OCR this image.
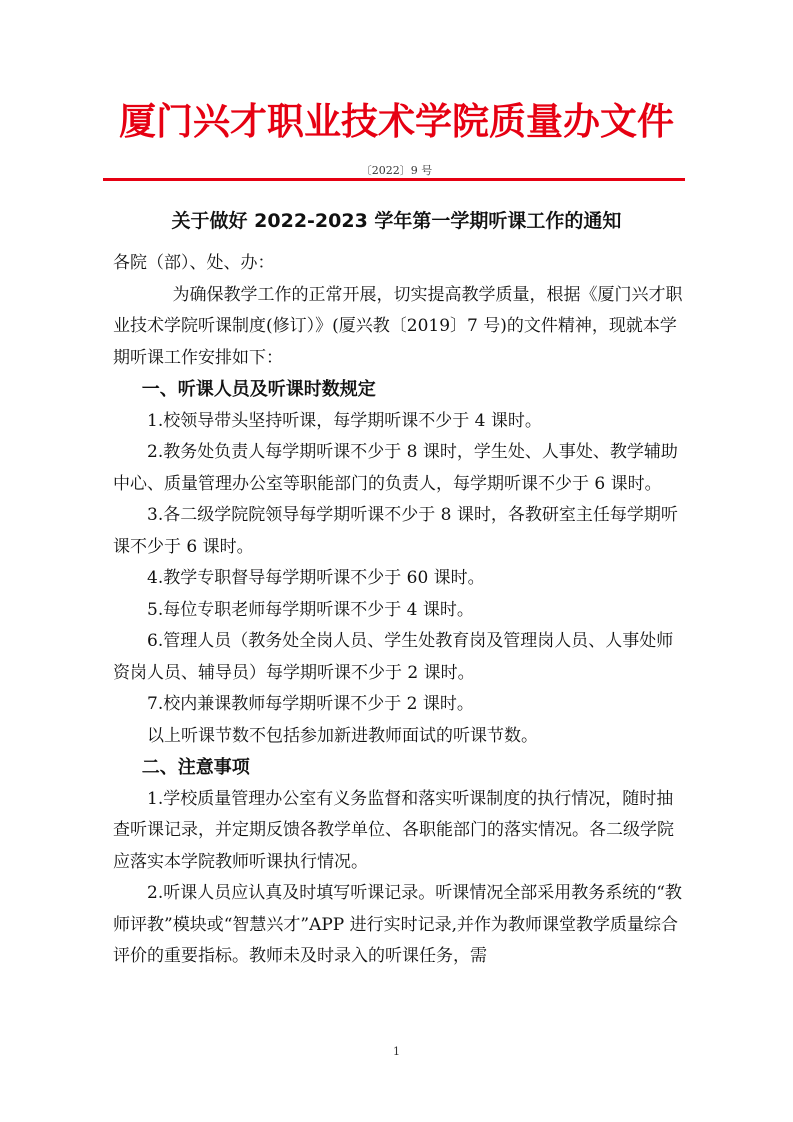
厦门兴才职业技术学院质量办文件
〔2022〕9 号
关于做好 2022-2023 学年第一学期听课工作的通知

各院（部）、处、办：

为确保教学工作的正常开展，切实提高教学质量，根据《厦门兴才职业技术学院听课制度(修订）》(厦兴教〔2019〕7 号)的文件精神，现就本学期听课工作安排如下：

一、听课人员及听课时数规定

1.校领导带头坚持听课，每学期听课不少于 4 课时。

2.教务处负责人每学期听课不少于 8 课时，学生处、人事处、教学辅助中心、质量管理办公室等职能部门的负责人，每学期听课不少于 6 课时。

3.各二级学院院领导每学期听课不少于 8 课时，各教研室主任每学期听课不少于 6 课时。

4.教学专职督导每学期听课不少于 60 课时。

5.每位专职老师每学期听课不少于 4 课时。

6.管理人员（教务处全岗人员、学生处教育岗及管理岗人员、人事处师资岗人员、辅导员）每学期听课不少于 2 课时。

7.校内兼课教师每学期听课不少于 2 课时。

以上听课节数不包括参加新进教师面试的听课节数。

二、注意事项

1.学校质量管理办公室有义务监督和落实听课制度的执行情况，随时抽查听课记录，并定期反馈各教学单位、各职能部门的落实情况。各二级学院应落实本学院教师听课执行情况。

2.听课人员应认真及时填写听课记录。听课情况全部采用教务系统的“教师评教”模块或“智慧兴才”APP 进行实时记录,并作为教师课堂教学质量综合评价的重要指标。教师未及时录入的听课任务，需

1
